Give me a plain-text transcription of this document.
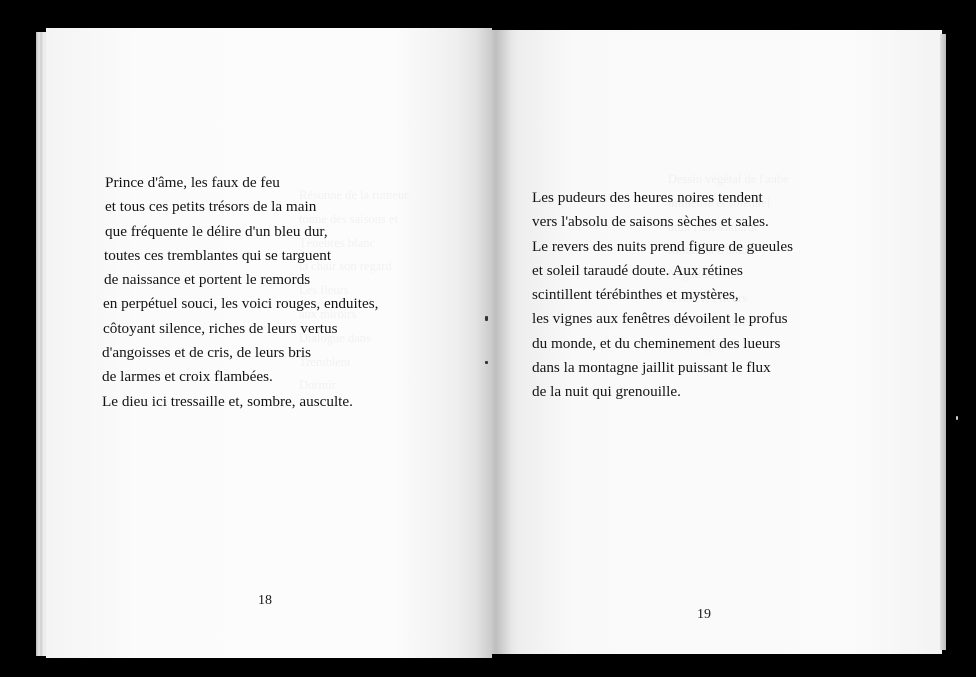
Prince d'âme, les faux de feu
et tous ces petits trésors de la main
que fréquente le délire d'un bleu dur,
toutes ces tremblantes qui se targuent
de naissance et portent le remords
en perpétuel souci, les voici rouges, enduites,
côtoyant silence, riches de leurs vertus
d'angoisses et de cris, de leurs bris
de larmes et croix flambées.
Le dieu ici tressaille et, sombre, ausculte.
Les pudeurs des heures noires tendent
vers l'absolu de saisons sèches et sales.
Le revers des nuits prend figure de gueules
et soleil taraudé doute. Aux rétines
scintillent térébinthes et mystères,
les vignes aux fenêtres dévoilent le profus
du monde, et du cheminement des lueurs
dans la montagne jaillit puissant le flux
de la nuit qui grenouille.
18
19
